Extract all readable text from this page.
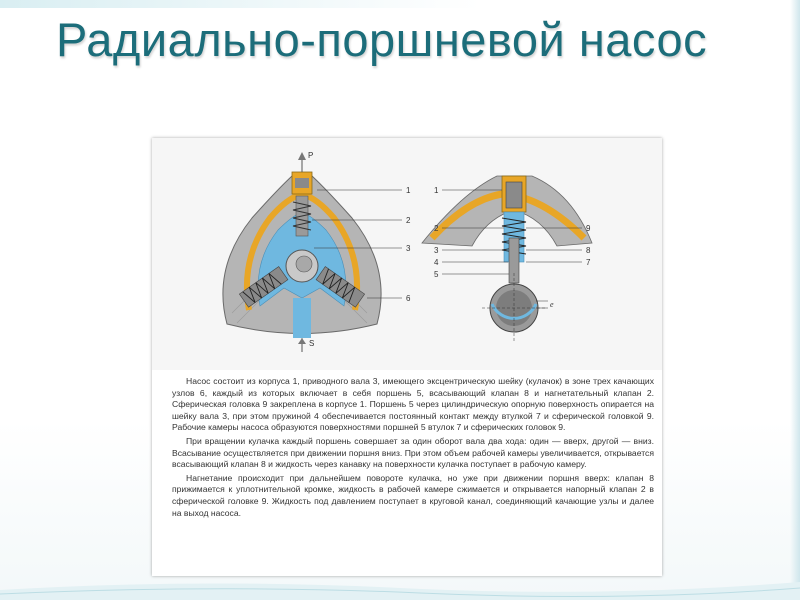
Радиально-поршневой насос
P
S
1
2
3
6
1
2
3
4
5
9
8
7
e

Насос состоит из корпуса 1, приводного вала 3, имеющего эксцентрическую шейку (кулачок) в зоне трех качающих узлов 6, каждый из которых включает в себя поршень 5, всасывающий клапан 8 и нагнетательный клапан 2. Сферическая головка 9 закреплена в корпусе 1. Поршень 5 через цилиндрическую опорную поверхность опирается на шейку вала 3, при этом пружиной 4 обеспечивается постоянный контакт между втулкой 7 и сферической головкой 9. Рабочие камеры насоса образуются поверхностями поршней 5 втулок 7 и сферических головок 9.

При вращении кулачка каждый поршень совершает за один оборот вала два хода: один — вверх, другой — вниз. Всасывание осуществляется при движении поршня вниз. При этом объем рабочей камеры увеличивается, открывается всасывающий клапан 8 и жидкость через канавку на поверхности кулачка поступает в рабочую камеру.

Нагнетание происходит при дальнейшем повороте кулачка, но уже при движении поршня вверх: клапан 8 прижимается к уплотнительной кромке, жидкость в рабочей камере сжимается и открывается напорный клапан 2 в сферической головке 9. Жидкость под давлением поступает в круговой канал, соединяющий качающие узлы и далее на выход насоса.
